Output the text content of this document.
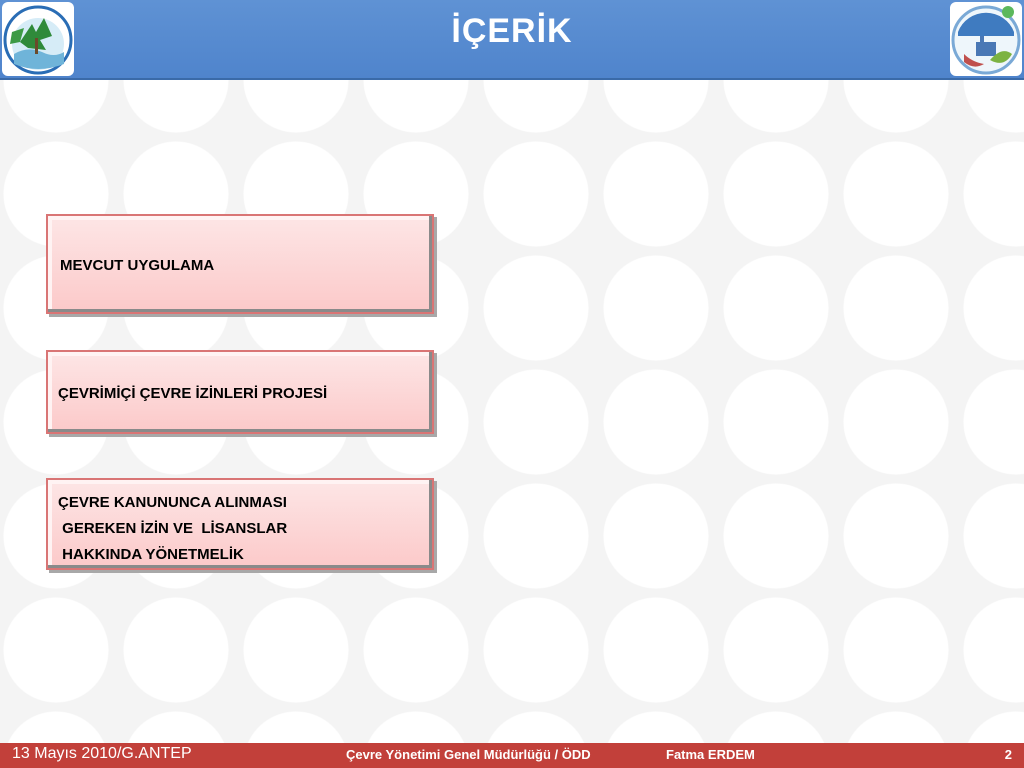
İÇERİK
MEVCUT UYGULAMA
ÇEVRİMİÇİ ÇEVRE İZİNLERİ PROJESİ
ÇEVRE KANUNUNCA ALINMASI
GEREKEN İZİN VE  LİSANSLAR
HAKKINDA YÖNETMELİK
13 Mayıs 2010/G.ANTEP	Çevre Yönetimi Genel Müdürlüğü / ÖDD	Fatma ERDEM	2
